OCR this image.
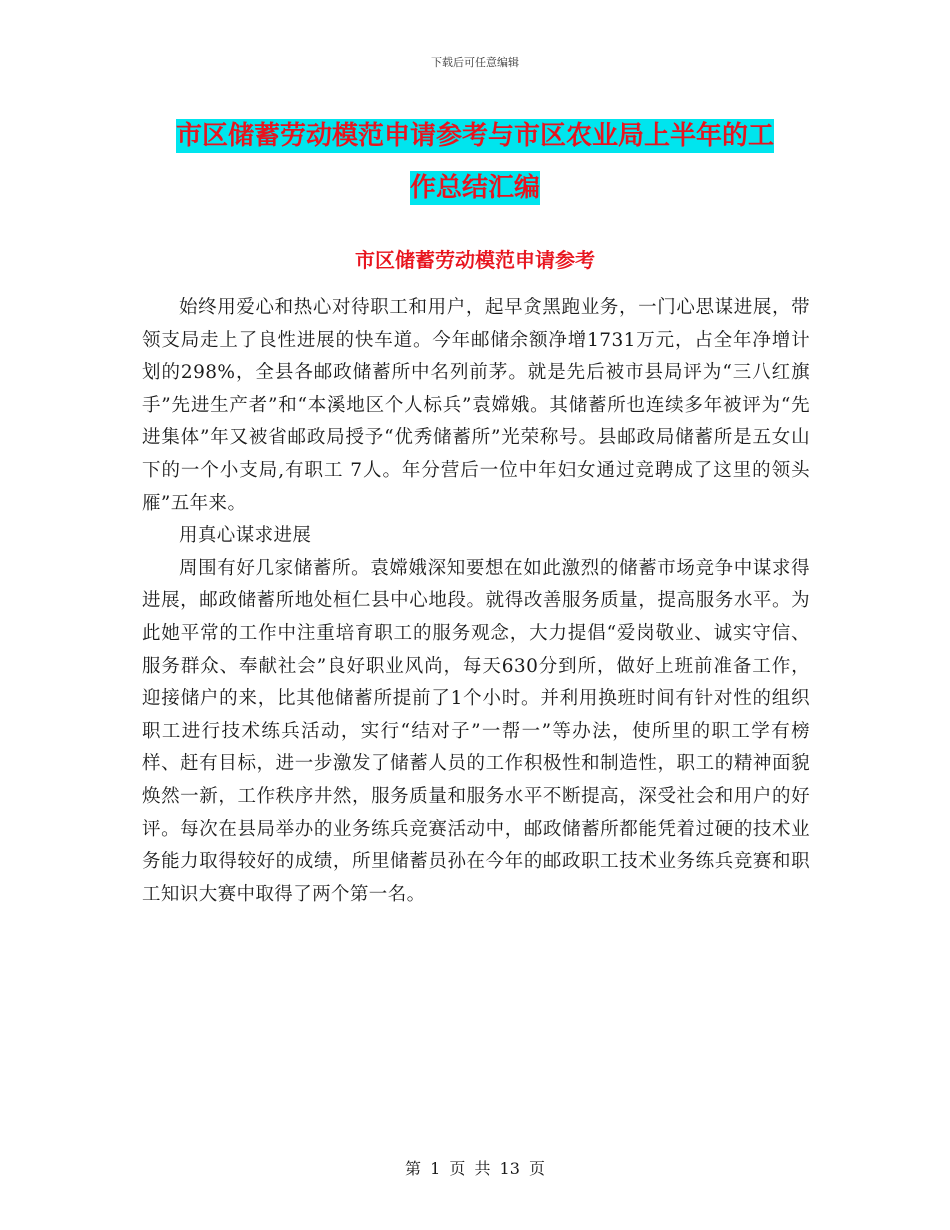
下载后可任意编辑
市区储蓄劳动模范申请参考与市区农业局上半年的工
作总结汇编
市区储蓄劳动模范申请参考

始终用爱心和热心对待职工和用户，起早贪黑跑业务，一门心思谋进展，带领支局走上了良性进展的快车道。今年邮储余额净增1731万元，占全年净增计划的298%，全县各邮政储蓄所中名列前茅。就是先后被市县局评为“三八红旗手”先进生产者”和“本溪地区个人标兵”袁嫦娥。其储蓄所也连续多年被评为“先进集体”年又被省邮政局授予“优秀储蓄所”光荣称号。县邮政局储蓄所是五女山下的一个小支局,有职工 7人。年分营后一位中年妇女通过竞聘成了这里的领头雁”五年来。

用真心谋求进展

周围有好几家储蓄所。袁嫦娥深知要想在如此激烈的储蓄市场竞争中谋求得进展，邮政储蓄所地处桓仁县中心地段。就得改善服务质量，提高服务水平。为此她平常的工作中注重培育职工的服务观念，大力提倡“爱岗敬业、诚实守信、服务群众、奉献社会”良好职业风尚，每天630分到所，做好上班前准备工作，迎接储户的来，比其他储蓄所提前了1个小时。并利用换班时间有针对性的组织职工进行技术练兵活动，实行“结对子”一帮一”等办法，使所里的职工学有榜样、赶有目标，进一步激发了储蓄人员的工作积极性和制造性，职工的精神面貌焕然一新，工作秩序井然，服务质量和服务水平不断提高，深受社会和用户的好评。每次在县局举办的业务练兵竞赛活动中，邮政储蓄所都能凭着过硬的技术业务能力取得较好的成绩，所里储蓄员孙在今年的邮政职工技术业务练兵竞赛和职工知识大赛中取得了两个第一名。

第 1 页 共 13 页
